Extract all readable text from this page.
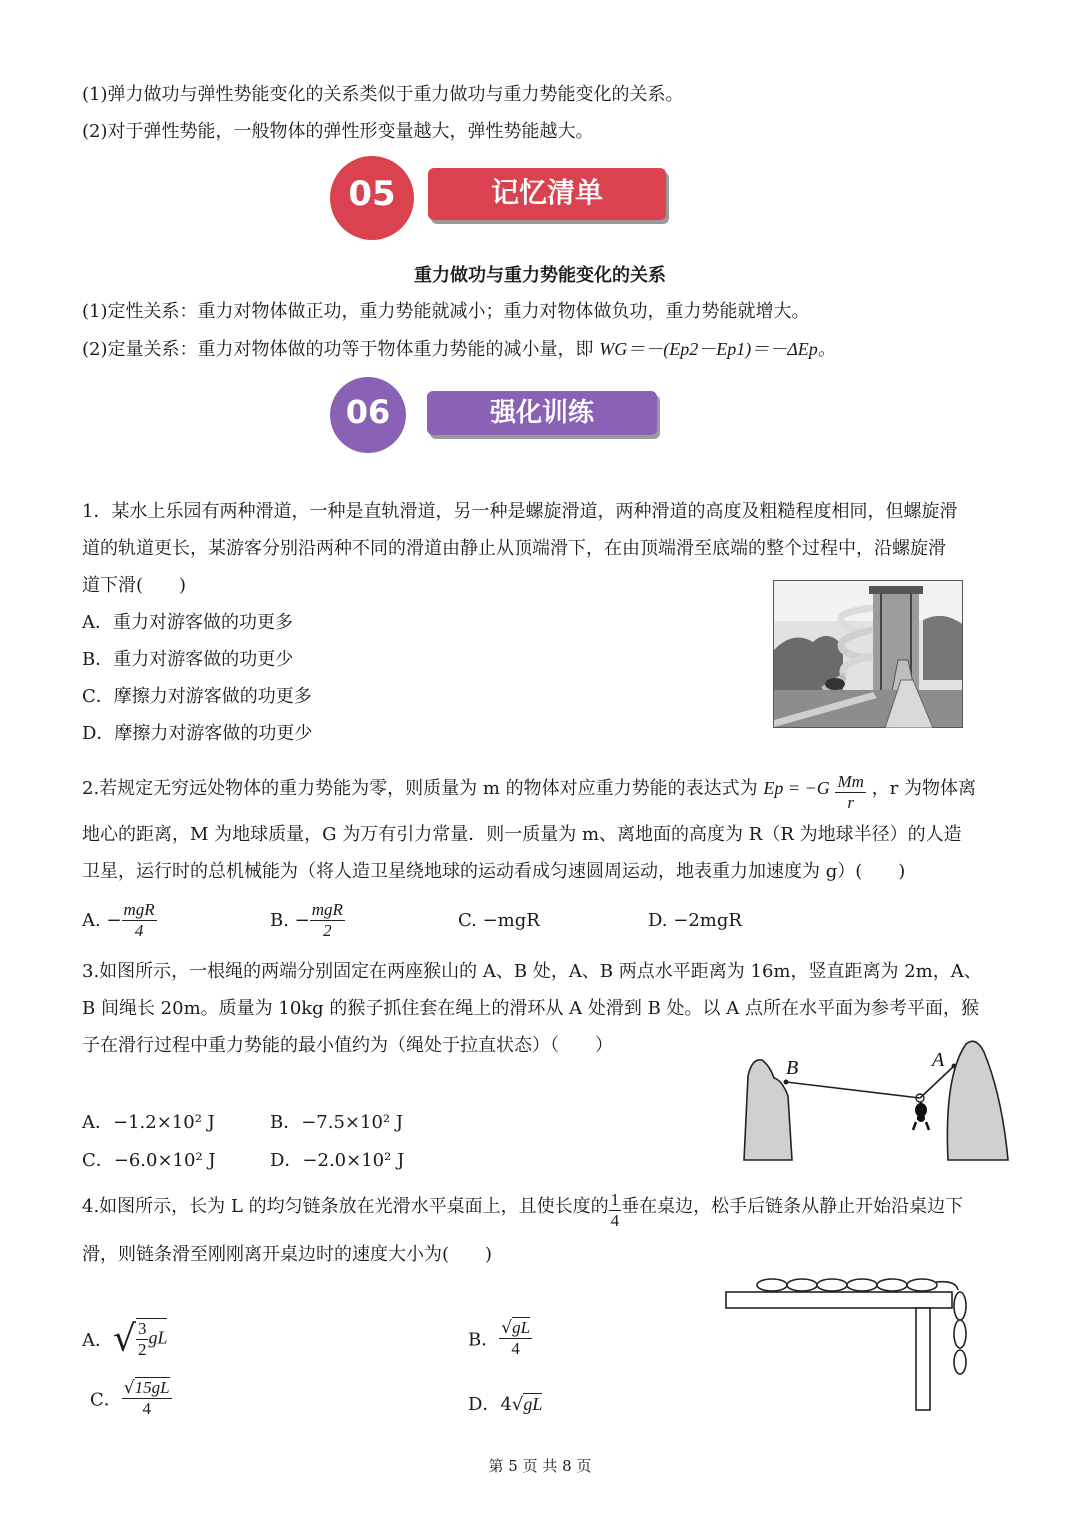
(1)弹力做功与弹性势能变化的关系类似于重力做功与重力势能变化的关系。
(2)对于弹性势能，一般物体的弹性形变量越大，弹性势能越大。
05	记忆清单
重力做功与重力势能变化的关系
(1)定性关系：重力对物体做正功，重力势能就减小；重力对物体做负功，重力势能就增大。
(2)定量关系：重力对物体做的功等于物体重力势能的减小量，即 WG＝－(Ep2－Ep1)＝－ΔEp。
06	强化训练
1．某水上乐园有两种滑道，一种是直轨滑道，另一种是螺旋滑道，两种滑道的高度及粗糙程度相同，但螺旋滑
道的轨道更长，某游客分别沿两种不同的滑道由静止从顶端滑下，在由顶端滑至底端的整个过程中，沿螺旋滑
道下滑(　　)
A．重力对游客做的功更多
B．重力对游客做的功更少
C．摩擦力对游客做的功更多
D．摩擦力对游客做的功更少
2.若规定无穷远处物体的重力势能为零，则质量为 m 的物体对应重力势能的表达式为 $Ep = -G \frac{Mm}{r}$ ，r 为物体离
地心的距离，M 为地球质量，G 为万有引力常量．则一质量为 m、离地面的高度为 R（R 为地球半径）的人造
卫星，运行时的总机械能为（将人造卫星绕地球的运动看成匀速圆周运动，地表重力加速度为 g）(　　)
A. − $\frac{\text{mgR}}{4}$	B. − $\frac{\text{mgR}}{2}$	C. −mgR	D. −2mgR
3.如图所示，一根绳的两端分别固定在两座猴山的 A、B 处，A、B 两点水平距离为 16m，竖直距离为 2m，A、
B 间绳长 20m。质量为 10kg 的猴子抓住套在绳上的滑环从 A 处滑到 B 处。以 A 点所在水平面为参考平面，猴
子在滑行过程中重力势能的最小值约为（绳处于拉直状态）（　　）
A．−1.2×10² J	B．−7.5×10² J
C．−6.0×10² J	D．−2.0×10² J
B	A
4.如图所示，长为 L 的均匀链条放在光滑水平桌面上，且使长度的 $\frac{1}{4}$ 垂在桌边，松手后链条从静止开始沿桌边下
滑，则链条滑至刚刚离开桌边时的速度大小为(　　)
A．√ $\frac{3}{2}$ gL	B． $\frac{√gL}{4}$
C． $\frac{√15gL}{4}$	D．4√gL
第 5 页 共 8 页
